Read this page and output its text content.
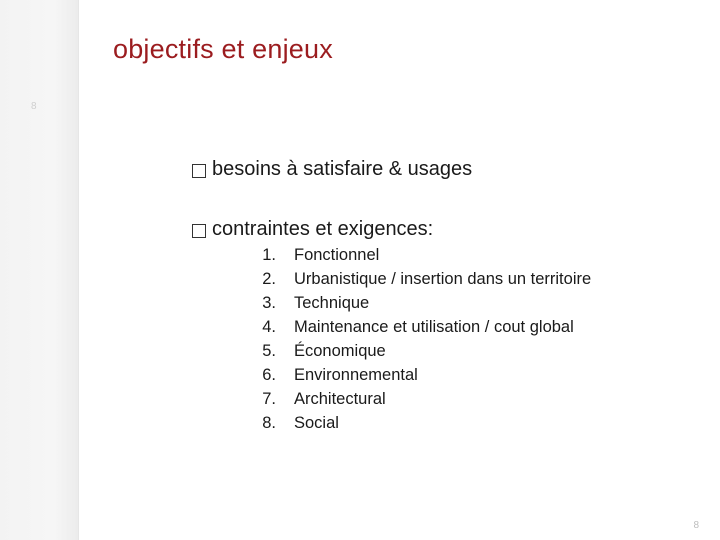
8
objectifs et enjeux
besoins à satisfaire & usages
contraintes et exigences:
1. Fonctionnel
2. Urbanistique / insertion dans un territoire
3. Technique
4. Maintenance et utilisation / cout global
5. Économique
6. Environnemental
7. Architectural
8. Social
8
